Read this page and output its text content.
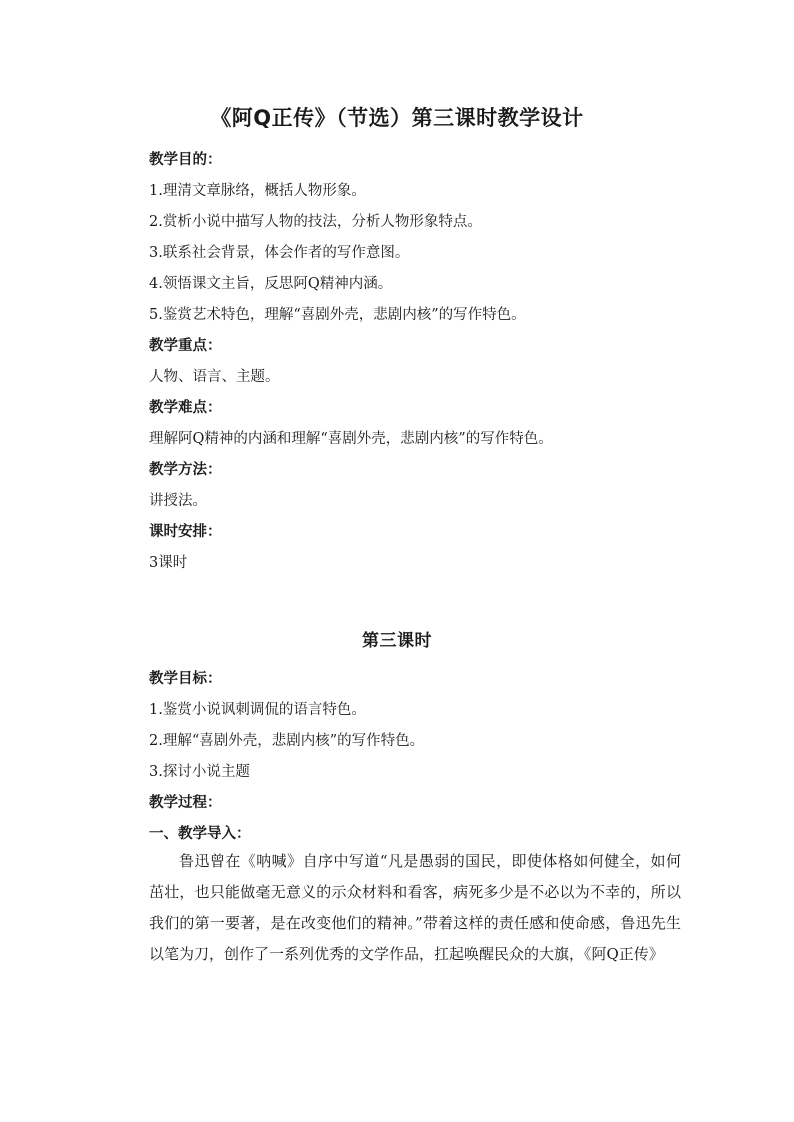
《阿Q正传》（节选）第三课时教学设计
教学目的：
1.理清文章脉络，概括人物形象。
2.赏析小说中描写人物的技法，分析人物形象特点。
3.联系社会背景，体会作者的写作意图。
4.领悟课文主旨，反思阿Q精神内涵。
5.鉴赏艺术特色，理解“喜剧外壳，悲剧内核”的写作特色。
教学重点：
人物、语言、主题。
教学难点：
理解阿Q精神的内涵和理解“喜剧外壳，悲剧内核”的写作特色。
教学方法：
讲授法。
课时安排：
3课时
第三课时
教学目标：
1.鉴赏小说讽刺调侃的语言特色。
2.理解“喜剧外壳，悲剧内核”的写作特色。
3.探讨小说主题
教学过程：
一、教学导入：

鲁迅曾在《呐喊》自序中写道“凡是愚弱的国民，即使体格如何健全，如何茁壮，也只能做毫无意义的示众材料和看客，病死多少是不必以为不幸的，所以我们的第一要著，是在改变他们的精神。”带着这样的责任感和使命感，鲁迅先生以笔为刀，创作了一系列优秀的文学作品，扛起唤醒民众的大旗，《阿Q正传》
